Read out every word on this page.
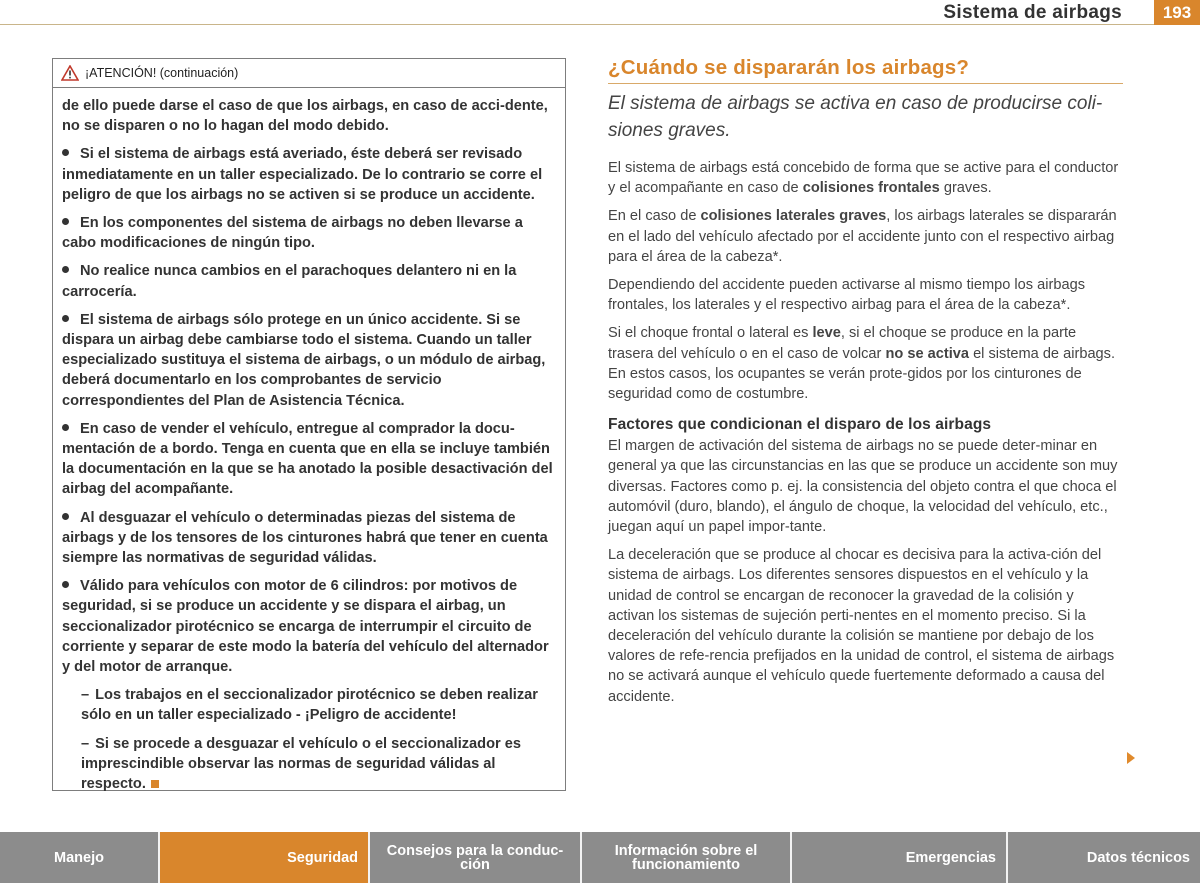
Sistema de airbags	193
¡ATENCIÓN! (continuación)

de ello puede darse el caso de que los airbags, en caso de acci-dente, no se disparen o no lo hagan del modo debido.

Si el sistema de airbags está averiado, éste deberá ser revisado inmediatamente en un taller especializado. De lo contrario se corre el peligro de que los airbags no se activen si se produce un accidente.

En los componentes del sistema de airbags no deben llevarse a cabo modificaciones de ningún tipo.

No realice nunca cambios en el parachoques delantero ni en la carrocería.

El sistema de airbags sólo protege en un único accidente. Si se dispara un airbag debe cambiarse todo el sistema. Cuando un taller especializado sustituya el sistema de airbags, o un módulo de airbag, deberá documentarlo en los comprobantes de servicio correspondientes del Plan de Asistencia Técnica.

En caso de vender el vehículo, entregue al comprador la docu-mentación de a bordo. Tenga en cuenta que en ella se incluye también la documentación en la que se ha anotado la posible desactivación del airbag del acompañante.

Al desguazar el vehículo o determinadas piezas del sistema de airbags y de los tensores de los cinturones habrá que tener en cuenta siempre las normativas de seguridad válidas.

Válido para vehículos con motor de 6 cilindros: por motivos de seguridad, si se produce un accidente y se dispara el airbag, un seccionalizador pirotécnico se encarga de interrumpir el circuito de corriente y separar de este modo la batería del vehículo del alternador y del motor de arranque.

– Los trabajos en el seccionalizador pirotécnico se deben realizar sólo en un taller especializado - ¡Peligro de accidente!

– Si se procede a desguazar el vehículo o el seccionalizador es imprescindible observar las normas de seguridad válidas al respecto.

¿Cuándo se dispararán los airbags?
El sistema de airbags se activa en caso de producirse coli-siones graves.

El sistema de airbags está concebido de forma que se active para el conductor y el acompañante en caso de colisiones frontales graves.

En el caso de colisiones laterales graves, los airbags laterales se dispararán en el lado del vehículo afectado por el accidente junto con el respectivo airbag para el área de la cabeza*.

Dependiendo del accidente pueden activarse al mismo tiempo los airbags frontales, los laterales y el respectivo airbag para el área de la cabeza*.

Si el choque frontal o lateral es leve, si el choque se produce en la parte trasera del vehículo o en el caso de volcar no se activa el sistema de airbags. En estos casos, los ocupantes se verán prote-gidos por los cinturones de seguridad como de costumbre.

Factores que condicionan el disparo de los airbags

El margen de activación del sistema de airbags no se puede deter-minar en general ya que las circunstancias en las que se produce un accidente son muy diversas. Factores como p. ej. la consistencia del objeto contra el que choca el automóvil (duro, blando), el ángulo de choque, la velocidad del vehículo, etc., juegan aquí un papel impor-tante.

La deceleración que se produce al chocar es decisiva para la activa-ción del sistema de airbags. Los diferentes sensores dispuestos en el vehículo y la unidad de control se encargan de reconocer la gravedad de la colisión y activan los sistemas de sujeción perti-nentes en el momento preciso. Si la deceleración del vehículo durante la colisión se mantiene por debajo de los valores de refe-rencia prefijados en la unidad de control, el sistema de airbags no se activará aunque el vehículo quede fuertemente deformado a causa del accidente.

Manejo	Seguridad Consejos para la conduc-
ción
Información sobre el
funcionamiento	Emergencias	Datos técnicos
